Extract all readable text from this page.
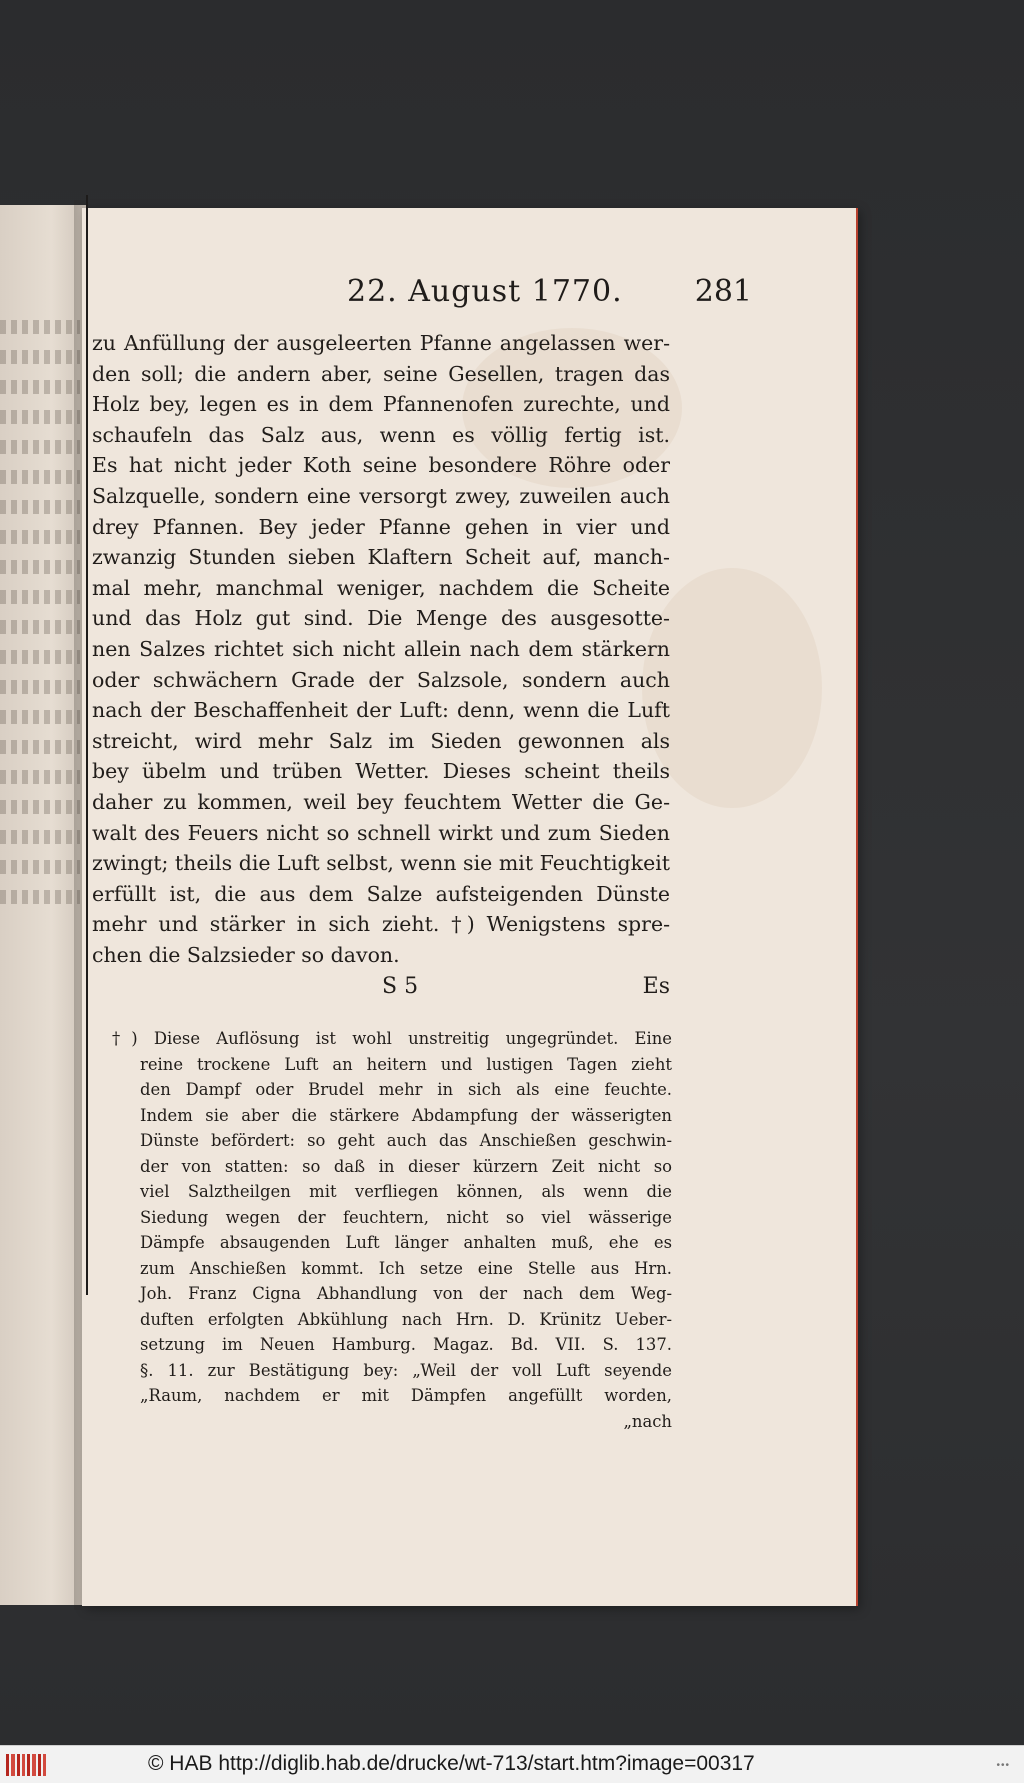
22. August 1770. 281
zu Anfüllung der ausgeleerten Pfanne angelassen wer-
den soll; die andern aber, seine Gesellen, tragen das
Holz bey, legen es in dem Pfannenofen zurechte, und
schaufeln das Salz aus, wenn es völlig fertig ist.
Es hat nicht jeder Koth seine besondere Röhre oder
Salzquelle, sondern eine versorgt zwey, zuweilen auch
drey Pfannen. Bey jeder Pfanne gehen in vier und
zwanzig Stunden sieben Klaftern Scheit auf, manch-
mal mehr, manchmal weniger, nachdem die Scheite
und das Holz gut sind. Die Menge des ausgesotte-
nen Salzes richtet sich nicht allein nach dem stärkern
oder schwächern Grade der Salzsole, sondern auch
nach der Beschaffenheit der Luft: denn, wenn die Luft
streicht, wird mehr Salz im Sieden gewonnen als
bey übelm und trüben Wetter. Dieses scheint theils
daher zu kommen, weil bey feuchtem Wetter die Ge-
walt des Feuers nicht so schnell wirkt und zum Sieden
zwingt; theils die Luft selbst, wenn sie mit Feuchtigkeit
erfüllt ist, die aus dem Salze aufsteigenden Dünste
mehr und stärker in sich zieht. †) Wenigstens spre-
chen die Salzsieder so davon.
S 5	Es
†) Diese Auflösung ist wohl unstreitig ungegründet. Eine
reine trockene Luft an heitern und lustigen Tagen zieht
den Dampf oder Brudel mehr in sich als eine feuchte.
Indem sie aber die stärkere Abdampfung der wässerigten
Dünste befördert: so geht auch das Anschießen geschwin-
der von statten: so daß in dieser kürzern Zeit nicht so
viel Salztheilgen mit verfliegen können, als wenn die
Siedung wegen der feuchtern, nicht so viel wässerige
Dämpfe absaugenden Luft länger anhalten muß, ehe es
zum Anschießen kommt. Ich setze eine Stelle aus Hrn.
Joh. Franz Cigna Abhandlung von der nach dem Weg-
duften erfolgten Abkühlung nach Hrn. D. Krünitz Ueber-
setzung im Neuen Hamburg. Magaz. Bd. VII. S. 137.
§. 11. zur Bestätigung bey: „Weil der voll Luft seyende
„Raum, nachdem er mit Dämpfen angefüllt worden,
„nach
© HAB http://diglib.hab.de/drucke/wt-713/start.htm?image=00317	•••
